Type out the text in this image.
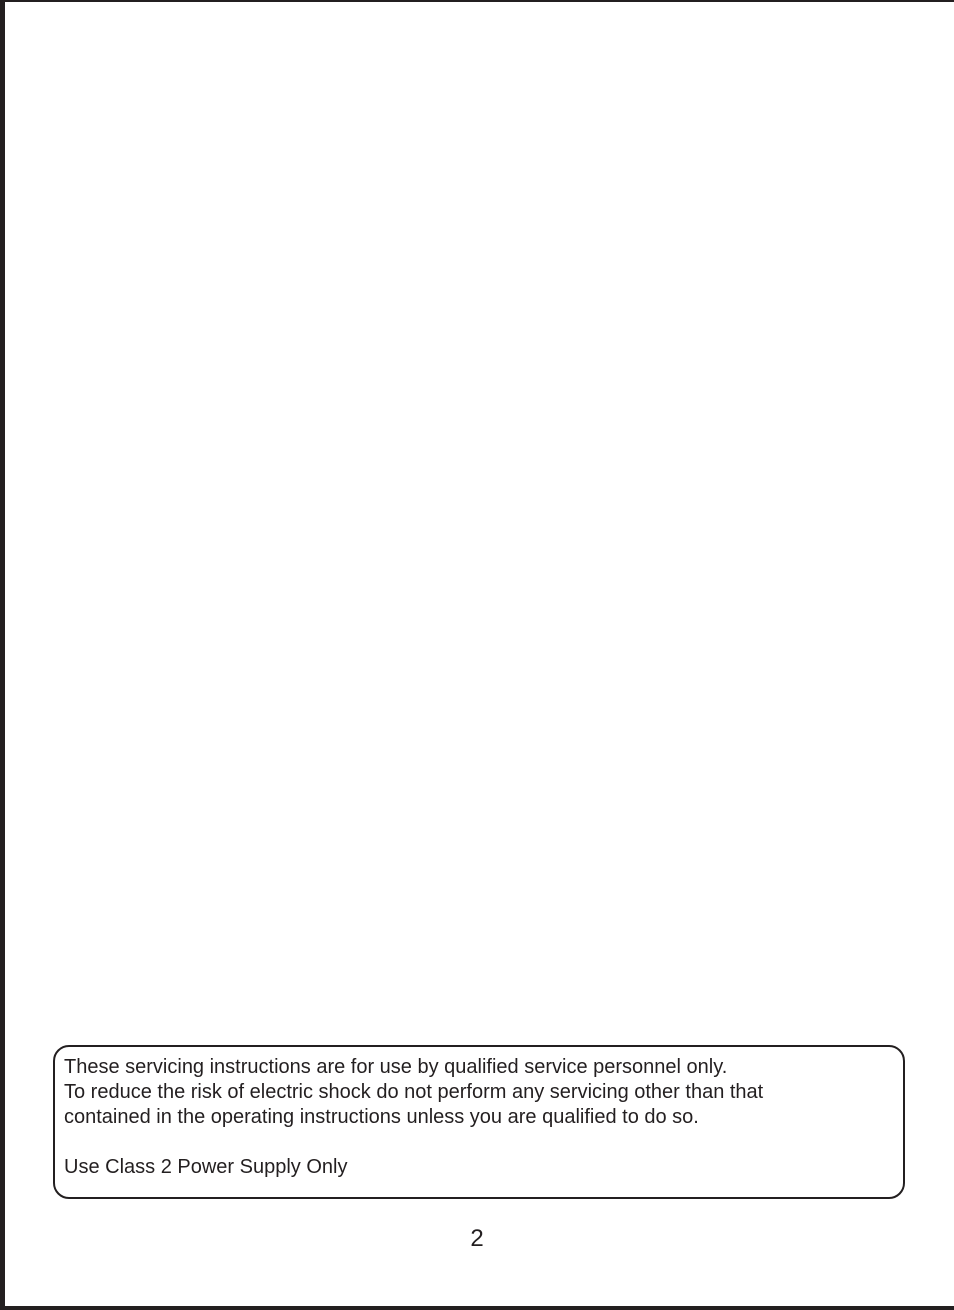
These servicing instructions are for use by qualified service personnel only.

To reduce the risk of electric shock do not perform any servicing other than that

contained in the operating instructions unless you are qualified to do so.

Use Class 2 Power Supply Only

2
